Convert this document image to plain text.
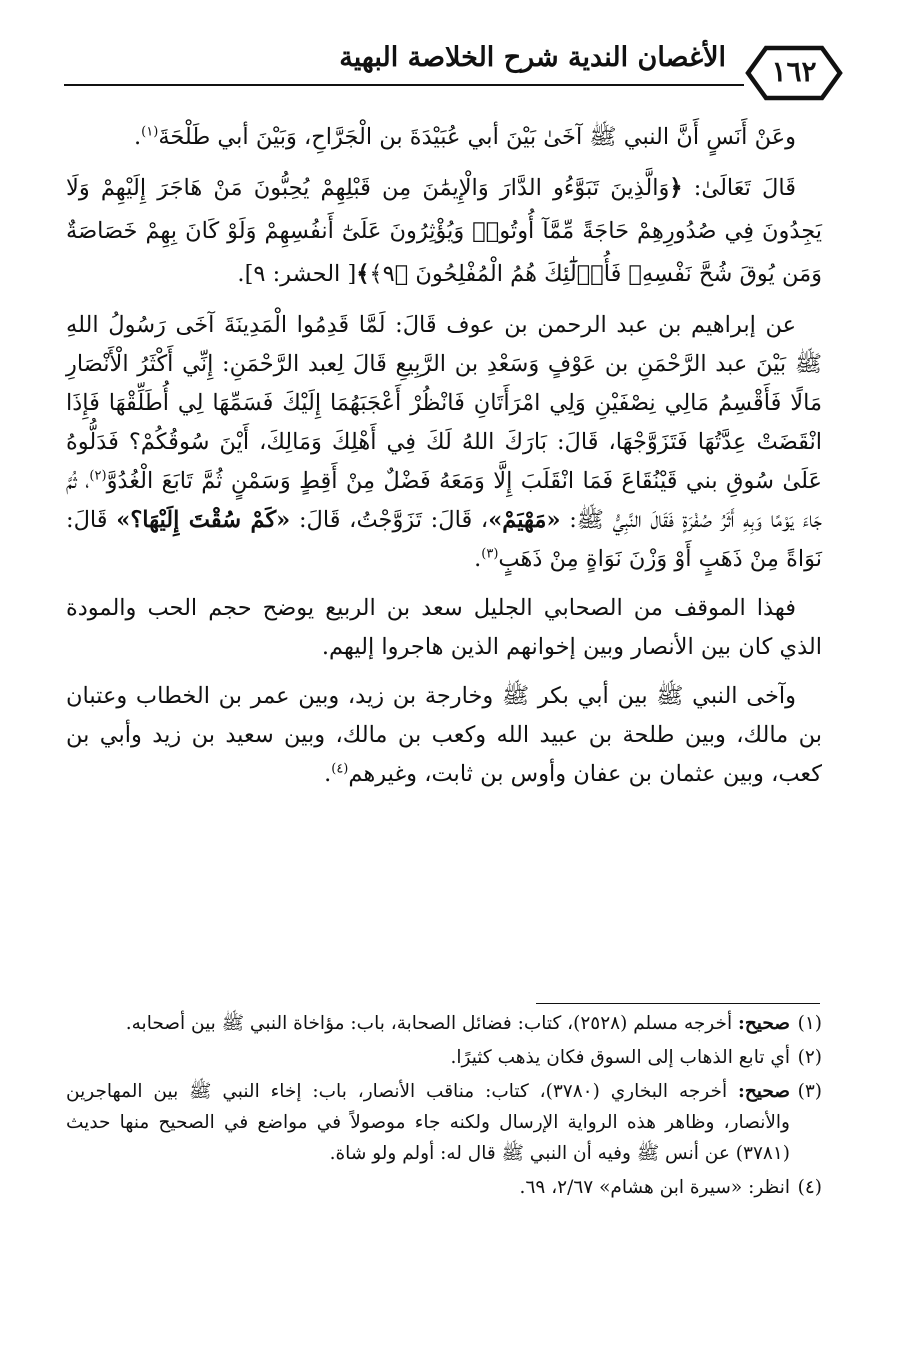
الأغصان الندية شرح الخلاصة البهية	١٦٢

وعَنْ أَنَسٍ أَنَّ النبي ﷺ آخَىٰ بَيْنَ أبي عُبَيْدَةَ بن الْجَرَّاحِ، وَبَيْنَ أبي طَلْحَةَ$^{(١)}$.

قَالَ تَعَالَىٰ: ﴿وَالَّذِينَ تَبَوَّءُو الدَّارَ وَالْإِيمَٰنَ مِن قَبْلِهِمْ يُحِبُّونَ مَنْ هَاجَرَ إِلَيْهِمْ وَلَا يَجِدُونَ فِي صُدُورِهِمْ حَاجَةً مِّمَّآ أُوتُوا۟ وَيُؤْثِرُونَ عَلَىٰٓ أَنفُسِهِمْ وَلَوْ كَانَ بِهِمْ خَصَاصَةٌ وَمَن يُوقَ شُحَّ نَفْسِهِۦ فَأُو۟لَٰٓئِكَ هُمُ الْمُفْلِحُونَ ﴿٩﴾﴾[ الحشر: ٩].

عن إبراهيم بن عبد الرحمن بن عوف قَالَ: لَمَّا قَدِمُوا الْمَدِينَةَ آخَى رَسُولُ اللهِ ﷺ بَيْنَ عبد الرَّحْمَنِ بن عَوْفٍ وَسَعْدِ بن الرَّبِيعِ قَالَ لِعبد الرَّحْمَنِ: إِنِّي أَكْثَرُ الْأَنْصَارِ مَالًا فَأَقْسِمُ مَالِي نِصْفَيْنِ وَلِي امْرَأَتَانِ فَانْظُرْ أَعْجَبَهُمَا إِلَيْكَ فَسَمِّهَا لِي أُطَلِّقْهَا فَإِذَا انْقَضَتْ عِدَّتُهَا فَتَزَوَّجْهَا، قَالَ: بَارَكَ اللهُ لَكَ فِي أَهْلِكَ وَمَالِكَ، أَيْنَ سُوقُكُمْ؟ فَدَلُّوهُ عَلَىٰ سُوقِ بني قَيْنُقَاعَ فَمَا انْقَلَبَ إِلَّا وَمَعَهُ فَضْلٌ مِنْ أَقِطٍ وَسَمْنٍ ثُمَّ تَابَعَ الْغُدُوَّ$^{(٢)}$، ثُمَّ جَاءَ يَوْمًا وَبِهِ أَثَرُ صُفْرَةٍ فَقَالَ النَّبِيُّ ﷺ: «مَهْيَمْ»، قَالَ: تَزَوَّجْتُ، قَالَ: «كَمْ سُقْتَ إِلَيْهَا؟» قَالَ: نَوَاةً مِنْ ذَهَبٍ أَوْ وَزْنَ نَوَاةٍ مِنْ ذَهَبٍ$^{(٣)}$.

فهذا الموقف من الصحابي الجليل سعد بن الربيع يوضح حجم الحب والمودة الذي كان بين الأنصار وبين إخوانهم الذين هاجروا إليهم.

وآخى النبي ﷺ بين أبي بكر ﷺ وخارجة بن زيد، وبين عمر بن الخطاب وعتبان بن مالك، وبين طلحة بن عبيد الله وكعب بن مالك، وبين سعيد بن زيد وأبي بن كعب، وبين عثمان بن عفان وأوس بن ثابت، وغيرهم$^{(٤)}$.

(١)
صحيح: أخرجه مسلم (٢٥٢٨)، كتاب: فضائل الصحابة، باب: مؤاخاة النبي ﷺ بين أصحابه.

(٢)
أي تابع الذهاب إلى السوق فكان يذهب كثيرًا.

(٣)
صحيح: أخرجه البخاري (٣٧٨٠)، كتاب: مناقب الأنصار، باب: إخاء النبي ﷺ بين المهاجرين والأنصار، وظاهر هذه الرواية الإرسال ولكنه جاء موصولاً في مواضع في الصحيح منها حديث (٣٧٨١) عن أنس ﷺ وفيه أن النبي ﷺ قال له: أولم ولو شاة.

(٤)
انظر: «سيرة ابن هشام» ٢/٦٧، ٦٩.
